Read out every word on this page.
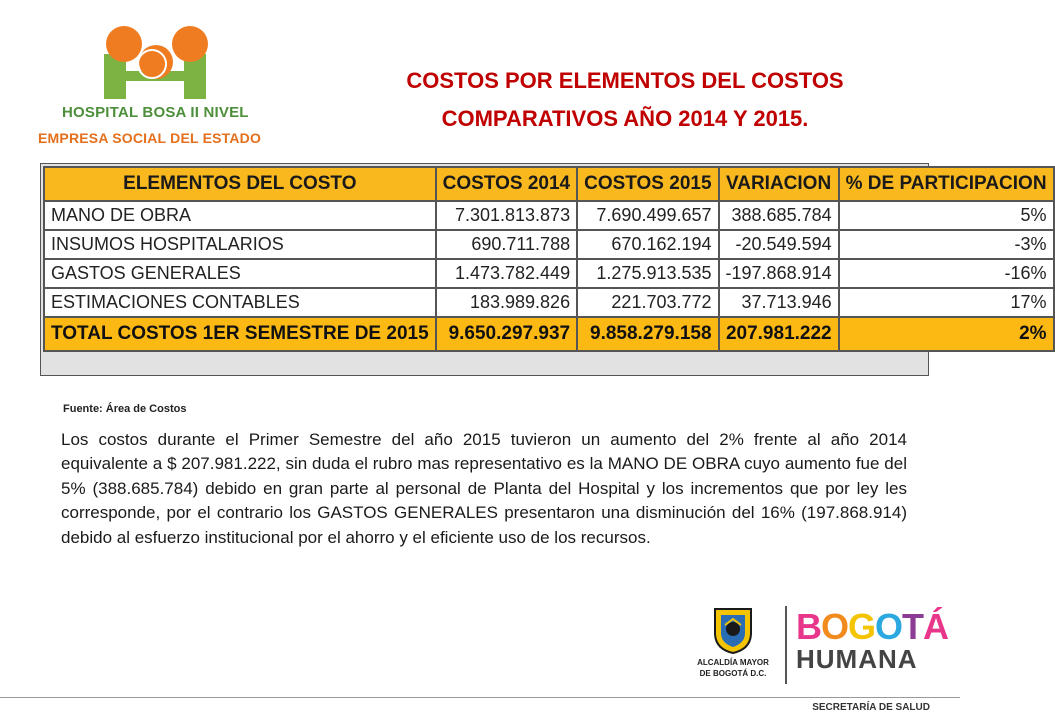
HOSPITAL BOSA II NIVEL
EMPRESA SOCIAL DEL ESTADO
COSTOS POR ELEMENTOS DEL COSTOS
COMPARATIVOS AÑO 2014 Y 2015.
ELEMENTOS DEL COSTO	COSTOS 2014	COSTOS 2015	VARIACION	% DE PARTICIPACION
MANO DE OBRA	7.301.813.873	7.690.499.657	388.685.784	5%
INSUMOS HOSPITALARIOS	690.711.788	670.162.194	-20.549.594	-3%
GASTOS GENERALES	1.473.782.449	1.275.913.535	-197.868.914	-16%
ESTIMACIONES CONTABLES	183.989.826	221.703.772	37.713.946	17%
TOTAL COSTOS 1ER SEMESTRE DE 2015	9.650.297.937	9.858.279.158	207.981.222	2%
Fuente: Área de Costos
Los costos durante el Primer Semestre del año 2015 tuvieron un aumento del 2% frente al año 2014 equivalente a $ 207.981.222, sin duda el rubro mas representativo es la MANO DE OBRA cuyo aumento fue del 5% (388.685.784) debido en gran parte al personal de Planta del Hospital y los incrementos que por ley les corresponde, por el contrario los GASTOS GENERALES presentaron una disminución del 16% (197.868.914) debido al esfuerzo institucional por el ahorro y el eficiente uso de los recursos.
ALCALDÍA MAYOR
DE BOGOTÁ D.C.
BOGOTÁ
HUMANA
SECRETARÍA DE SALUD
